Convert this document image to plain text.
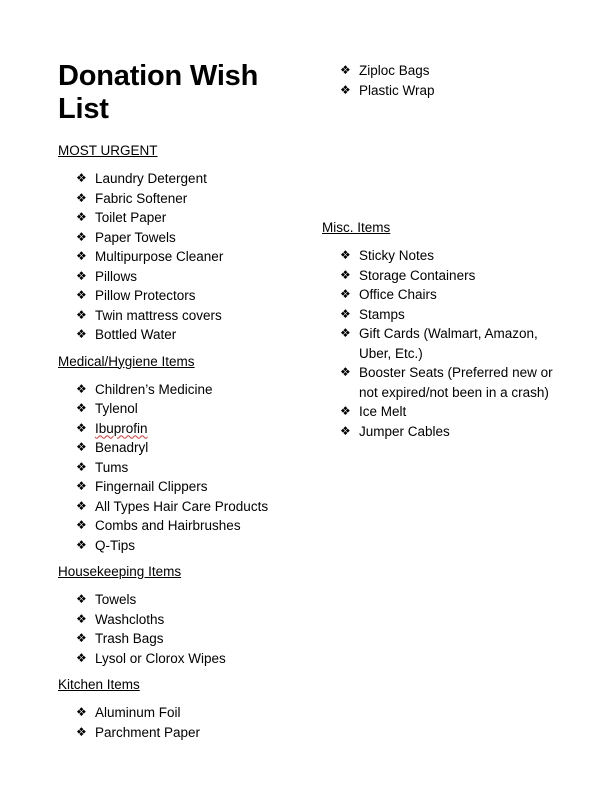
Donation Wish List
MOST URGENT
❖ Laundry Detergent
❖ Fabric Softener
❖ Toilet Paper
❖ Paper Towels
❖ Multipurpose Cleaner
❖ Pillows
❖ Pillow Protectors
❖ Twin mattress covers
❖ Bottled Water
Medical/Hygiene Items
❖ Children’s Medicine
❖ Tylenol
❖ Ibuprofin
❖ Benadryl
❖ Tums
❖ Fingernail Clippers
❖ All Types Hair Care Products
❖ Combs and Hairbrushes
❖ Q-Tips
Housekeeping Items
❖ Towels
❖ Washcloths
❖ Trash Bags
❖ Lysol or Clorox Wipes
Kitchen Items
❖ Aluminum Foil
❖ Parchment Paper
❖ Ziploc Bags
❖ Plastic Wrap
Misc. Items
❖ Sticky Notes
❖ Storage Containers
❖ Office Chairs
❖ Stamps
❖ Gift Cards (Walmart, Amazon, Uber, Etc.)
❖ Booster Seats (Preferred new or not expired/not been in a crash)
❖ Ice Melt
❖ Jumper Cables
